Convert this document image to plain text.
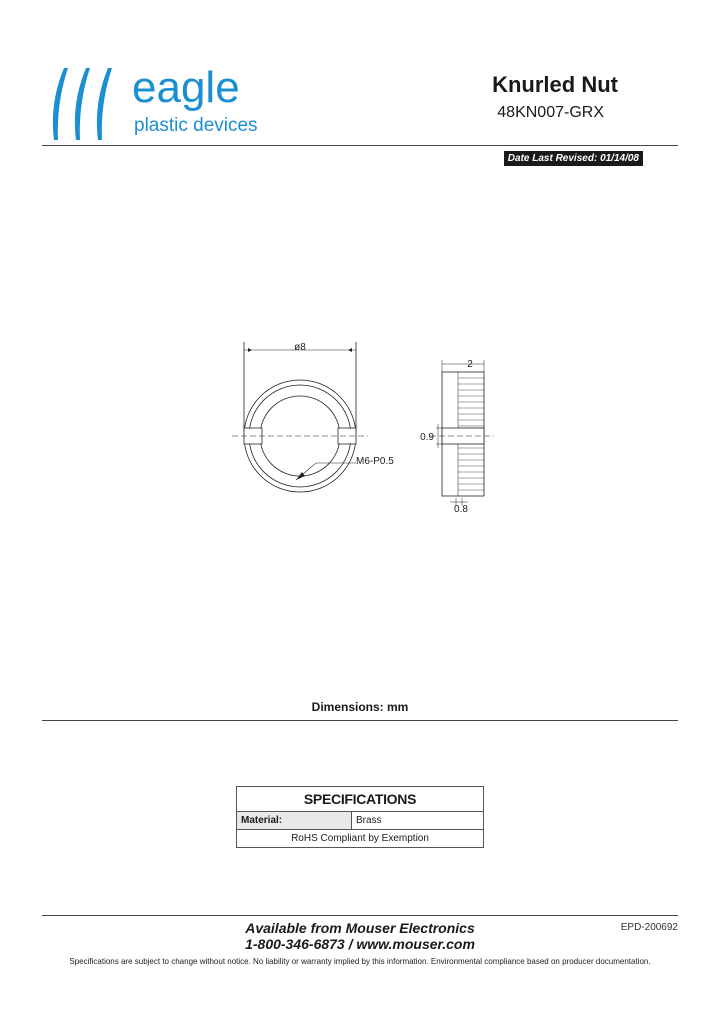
eagle
plastic devices
Knurled Nut
48KN007-GRX
Date Last Revised: 01/14/08
ø8
M6-P0.5
2
0.9
0.8
Dimensions: mm
SPECIFICATIONS
Material:	Brass
RoHS Compliant by Exemption
Available from Mouser Electronics
1-800-346-6873 / www.mouser.com
EPD-200692
Specifications are subject to change without notice. No liability or warranty implied by this information. Environmental compliance based on producer documentation.
